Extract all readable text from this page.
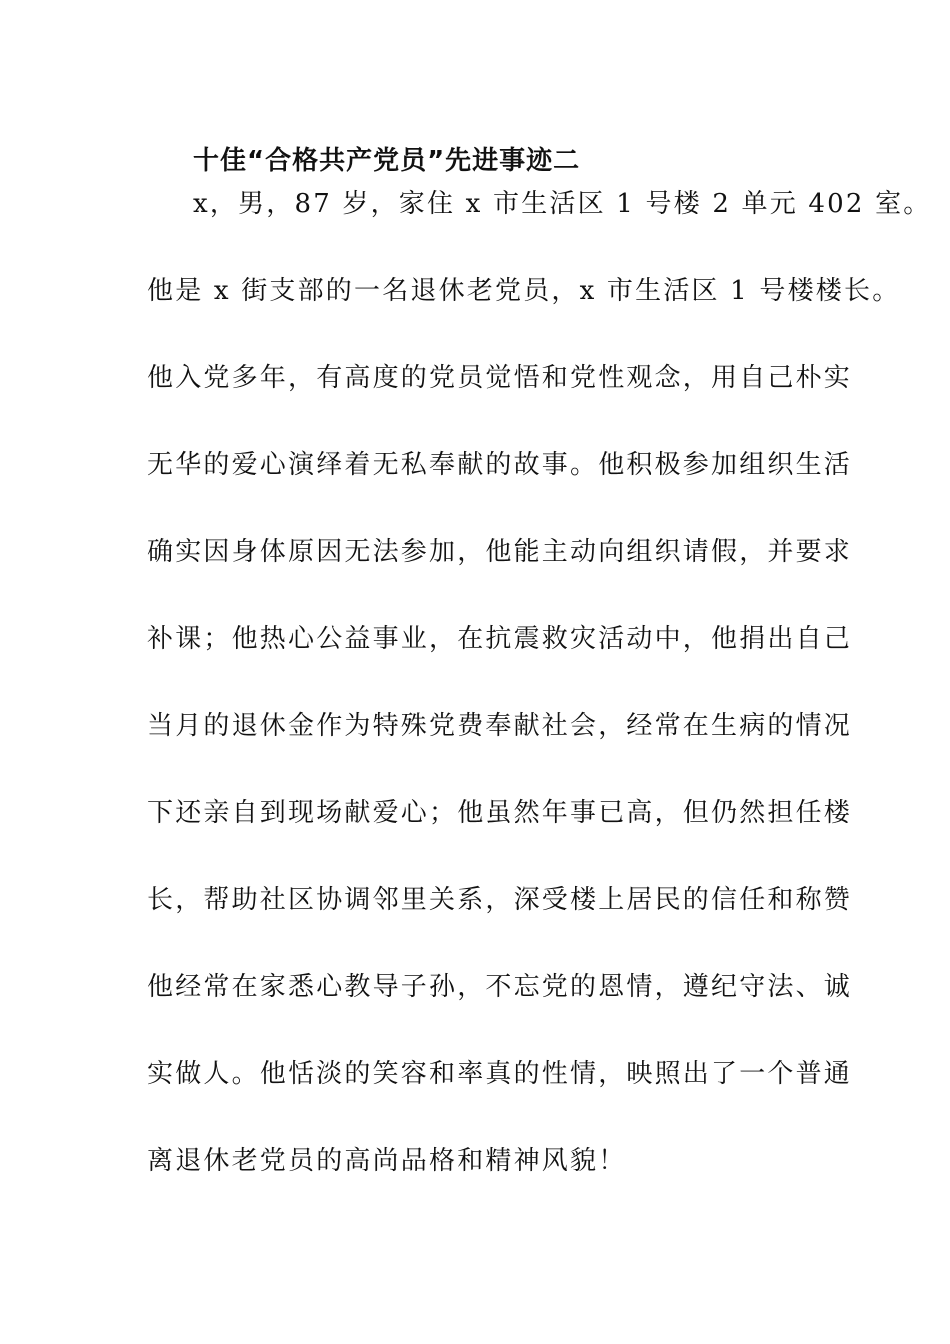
十佳“合格共产党员”先进事迹二
x，男，87 岁，家住 x 市生活区 1 号楼 2 单元 402 室。
他是 x 街支部的一名退休老党员，x 市生活区 1 号楼楼长。
他入党多年，有高度的党员觉悟和党性观念，用自己朴实
无华的爱心演绎着无私奉献的故事。他积极参加组织生活
确实因身体原因无法参加，他能主动向组织请假，并要求
补课；他热心公益事业，在抗震救灾活动中，他捐出自己
当月的退休金作为特殊党费奉献社会，经常在生病的情况
下还亲自到现场献爱心；他虽然年事已高，但仍然担任楼
长，帮助社区协调邻里关系，深受楼上居民的信任和称赞
他经常在家悉心教导子孙，不忘党的恩情，遵纪守法、诚
实做人。他恬淡的笑容和率真的性情，映照出了一个普通
离退休老党员的高尚品格和精神风貌！
